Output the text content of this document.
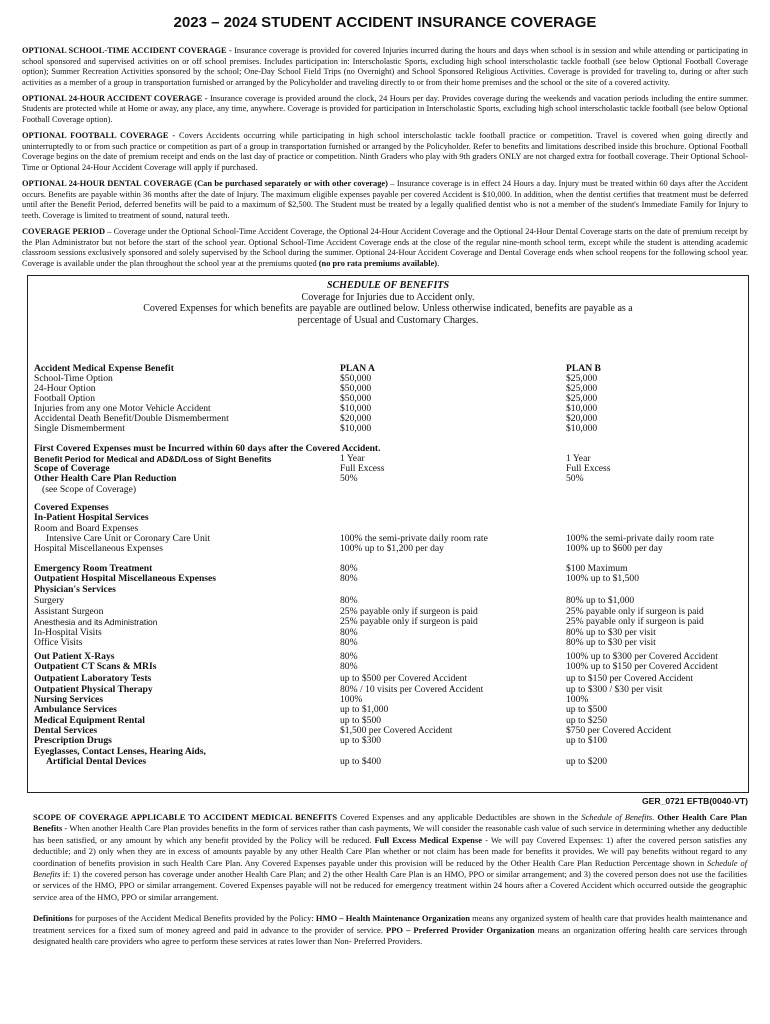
2023 – 2024 STUDENT ACCIDENT INSURANCE COVERAGE

OPTIONAL SCHOOL-TIME ACCIDENT COVERAGE - Insurance coverage is provided for covered Injuries incurred during the hours and days when school is in session and while attending or participating in school sponsored and supervised activities on or off school premises. Includes participation in: Interscholastic Sports, excluding high school interscholastic tackle football (see below Optional Football Coverage option); Summer Recreation Activities sponsored by the school; One-Day School Field Trips (no Overnight) and School Sponsored Religious Activities. Coverage is provided for traveling to, during or after such activities as a member of a group in transportation furnished or arranged by the Policyholder and traveling directly to or from their home premises and the school or the site of a covered activity.

OPTIONAL 24-HOUR ACCIDENT COVERAGE - Insurance coverage is provided around the clock, 24 Hours per day. Provides coverage during the weekends and vacation periods including the entire summer. Students are protected while at Home or away, any place, any time, anywhere. Coverage is provided for participation in Interscholastic Sports, excluding high school interscholastic tackle football (see below Optional Football Coverage option).

OPTIONAL FOOTBALL COVERAGE - Covers Accidents occurring while participating in high school interscholastic tackle football practice or competition. Travel is covered when going directly and uninterruptedly to or from such practice or competition as part of a group in transportation furnished or arranged by the Policyholder. Refer to benefits and limitations described inside this brochure. Optional Football Coverage begins on the date of premium receipt and ends on the last day of practice or competition. Ninth Graders who play with 9th graders ONLY are not charged extra for football coverage. Their Optional School-Time or Optional 24-Hour Accident Coverage will apply if purchased.

OPTIONAL 24-HOUR DENTAL COVERAGE (Can be purchased separately or with other coverage) – Insurance coverage is in effect 24 Hours a day. Injury must be treated within 60 days after the Accident occurs. Benefits are payable within 36 months after the date of Injury. The maximum eligible expenses payable per covered Accident is $10,000. In addition, when the dentist certifies that treatment must be deferred until after the Benefit Period, deferred benefits will be paid to a maximum of $2,500. The Student must be treated by a legally qualified dentist who is not a member of the student's Immediate Family for Injury to teeth. Coverage is limited to treatment of sound, natural teeth.

COVERAGE PERIOD – Coverage under the Optional School-Time Accident Coverage, the Optional 24-Hour Accident Coverage and the Optional 24-Hour Dental Coverage starts on the date of premium receipt by the Plan Administrator but not before the start of the school year. Optional School-Time Accident Coverage ends at the close of the regular nine-month school term, except while the student is attending academic classroom sessions exclusively sponsored and solely supervised by the School during the summer. Optional 24-Hour Accident Coverage and Dental Coverage ends when school reopens for the following school year. Coverage is available under the plan throughout the school year at the premiums quoted (no pro rata premiums available).

SCHEDULE OF BENEFITS
Coverage for Injuries due to Accident only.
Covered Expenses for which benefits are payable are outlined below. Unless otherwise indicated, benefits are payable as a
percentage of Usual and Customary Charges.
Accident Medical Expense Benefit	PLAN A	PLAN B
School-Time Option	$50,000	$25,000
24-Hour Option	$50,000	$25,000
Football Option	$50,000	$25,000
Injuries from any one Motor Vehicle Accident	$10,000	$10,000
Accidental Death Benefit/Double Dismemberment	$20,000	$20,000
Single Dismemberment	$10,000	$10,000
First Covered Expenses must be Incurred within 60 days after the Covered Accident.
Benefit Period for Medical and AD&D/Loss of Sight Benefits	1 Year	1 Year
Scope of Coverage	Full Excess	Full Excess
Other Health Care Plan Reduction	50%	50%
(see Scope of Coverage)
Covered Expenses
In-Patient Hospital Services
Room and Board Expenses
Intensive Care Unit or Coronary Care Unit	100% the semi-private daily room rate	100% the semi-private daily room rate
Hospital Miscellaneous Expenses	100% up to $1,200 per day	100% up to $600 per day
Emergency Room Treatment	80%	$100 Maximum
Outpatient Hospital Miscellaneous Expenses	80%	100% up to $1,500
Physician's Services
Surgery	80%	80% up to $1,000
Assistant Surgeon	25% payable only if surgeon is paid	25% payable only if surgeon is paid
Anesthesia and its Administration	25% payable only if surgeon is paid	25% payable only if surgeon is paid
In-Hospital Visits	80%	80% up to $30 per visit
Office Visits	80%	80% up to $30 per visit
Out Patient X-Rays	80%	100% up to $300 per Covered Accident
Outpatient CT Scans & MRIs	80%	100% up to $150 per Covered Accident
Outpatient Laboratory Tests	up to $500 per Covered Accident	up to $150 per Covered Accident
Outpatient Physical Therapy	80% / 10 visits per Covered Accident	up to $300 / $30 per visit
Nursing Services	100%	100%
Ambulance Services	up to $1,000	up to $500
Medical Equipment Rental	up to $500	up to $250
Dental Services	$1,500 per Covered Accident	$750 per Covered Accident
Prescription Drugs	up to $300	up to $100
Eyeglasses, Contact Lenses, Hearing Aids,
Artificial Dental Devices	up to $400	up to $200
GER_0721 EFTB(0040-VT)

SCOPE OF COVERAGE APPLICABLE TO ACCIDENT MEDICAL BENEFITS Covered Expenses and any applicable Deductibles are shown in the Schedule of Benefits. Other Health Care Plan Benefits - When another Health Care Plan provides benefits in the form of services rather than cash payments, We will consider the reasonable cash value of such service in determining whether any deductible has been satisfied, or any amount by which any benefit provided by the Policy will be reduced. Full Excess Medical Expense - We will pay Covered Expenses: 1) after the covered person satisfies any deductible; and 2) only when they are in excess of amounts payable by any other Health Care Plan whether or not claim has been made for benefits it provides. We will pay benefits without regard to any coordination of benefits provision in such Health Care Plan. Any Covered Expenses payable under this provision will be reduced by the Other Health Care Plan Reduction Percentage shown in Schedule of Benefits if: 1) the covered person has coverage under another Health Care Plan; and 2) the other Health Care Plan is an HMO, PPO or similar arrangement; and 3) the covered person does not use the facilities or services of the HMO, PPO or similar arrangement. Covered Expenses payable will not be reduced for emergency treatment within 24 hours after a Covered Accident which occurred outside the geographic service area of the HMO, PPO or similar arrangement.

Definitions for purposes of the Accident Medical Benefits provided by the Policy: HMO – Health Maintenance Organization means any organized system of health care that provides health maintenance and treatment services for a fixed sum of money agreed and paid in advance to the provider of service. PPO – Preferred Provider Organization means an organization offering health care services through designated health care providers who agree to perform these services at rates lower than Non- Preferred Providers.
